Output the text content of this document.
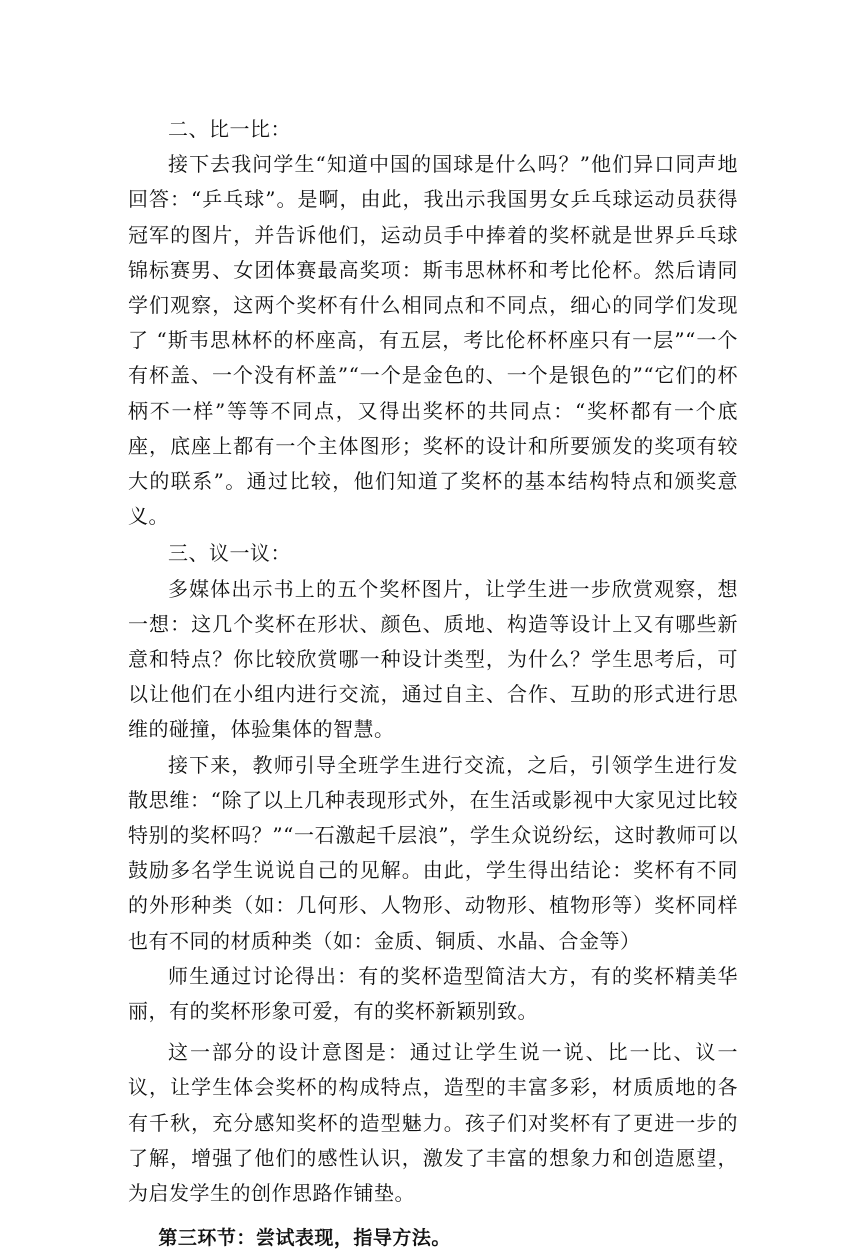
二、比一比：

接下去我问学生“知道中国的国球是什么吗？”他们异口同声地回答：“乒乓球”。是啊，由此，我出示我国男女乒乓球运动员获得冠军的图片，并告诉他们，运动员手中捧着的奖杯就是世界乒乓球锦标赛男、女团体赛最高奖项：斯韦思林杯和考比伦杯。然后请同学们观察，这两个奖杯有什么相同点和不同点，细心的同学们发现了 “斯韦思林杯的杯座高，有五层，考比伦杯杯座只有一层”“一个有杯盖、一个没有杯盖”“一个是金色的、一个是银色的”“它们的杯柄不一样”等等不同点，又得出奖杯的共同点：“奖杯都有一个底座，底座上都有一个主体图形；奖杯的设计和所要颁发的奖项有较大的联系”。通过比较，他们知道了奖杯的基本结构特点和颁奖意义。

三、议一议：

多媒体出示书上的五个奖杯图片，让学生进一步欣赏观察，想一想：这几个奖杯在形状、颜色、质地、构造等设计上又有哪些新意和特点？你比较欣赏哪一种设计类型，为什么？学生思考后，可以让他们在小组内进行交流，通过自主、合作、互助的形式进行思维的碰撞，体验集体的智慧。

接下来，教师引导全班学生进行交流，之后，引领学生进行发散思维：“除了以上几种表现形式外，在生活或影视中大家见过比较特别的奖杯吗？”“一石激起千层浪”，学生众说纷纭，这时教师可以鼓励多名学生说说自己的见解。由此，学生得出结论：奖杯有不同的外形种类（如：几何形、人物形、动物形、植物形等）奖杯同样也有不同的材质种类（如：金质、铜质、水晶、合金等）

师生通过讨论得出：有的奖杯造型简洁大方，有的奖杯精美华丽，有的奖杯形象可爱，有的奖杯新颖别致。

这一部分的设计意图是：通过让学生说一说、比一比、议一议，让学生体会奖杯的构成特点，造型的丰富多彩，材质质地的各有千秋，充分感知奖杯的造型魅力。孩子们对奖杯有了更进一步的了解，增强了他们的感性认识，激发了丰富的想象力和创造愿望，为启发学生的创作思路作铺垫。

第三环节：尝试表现，指导方法。
